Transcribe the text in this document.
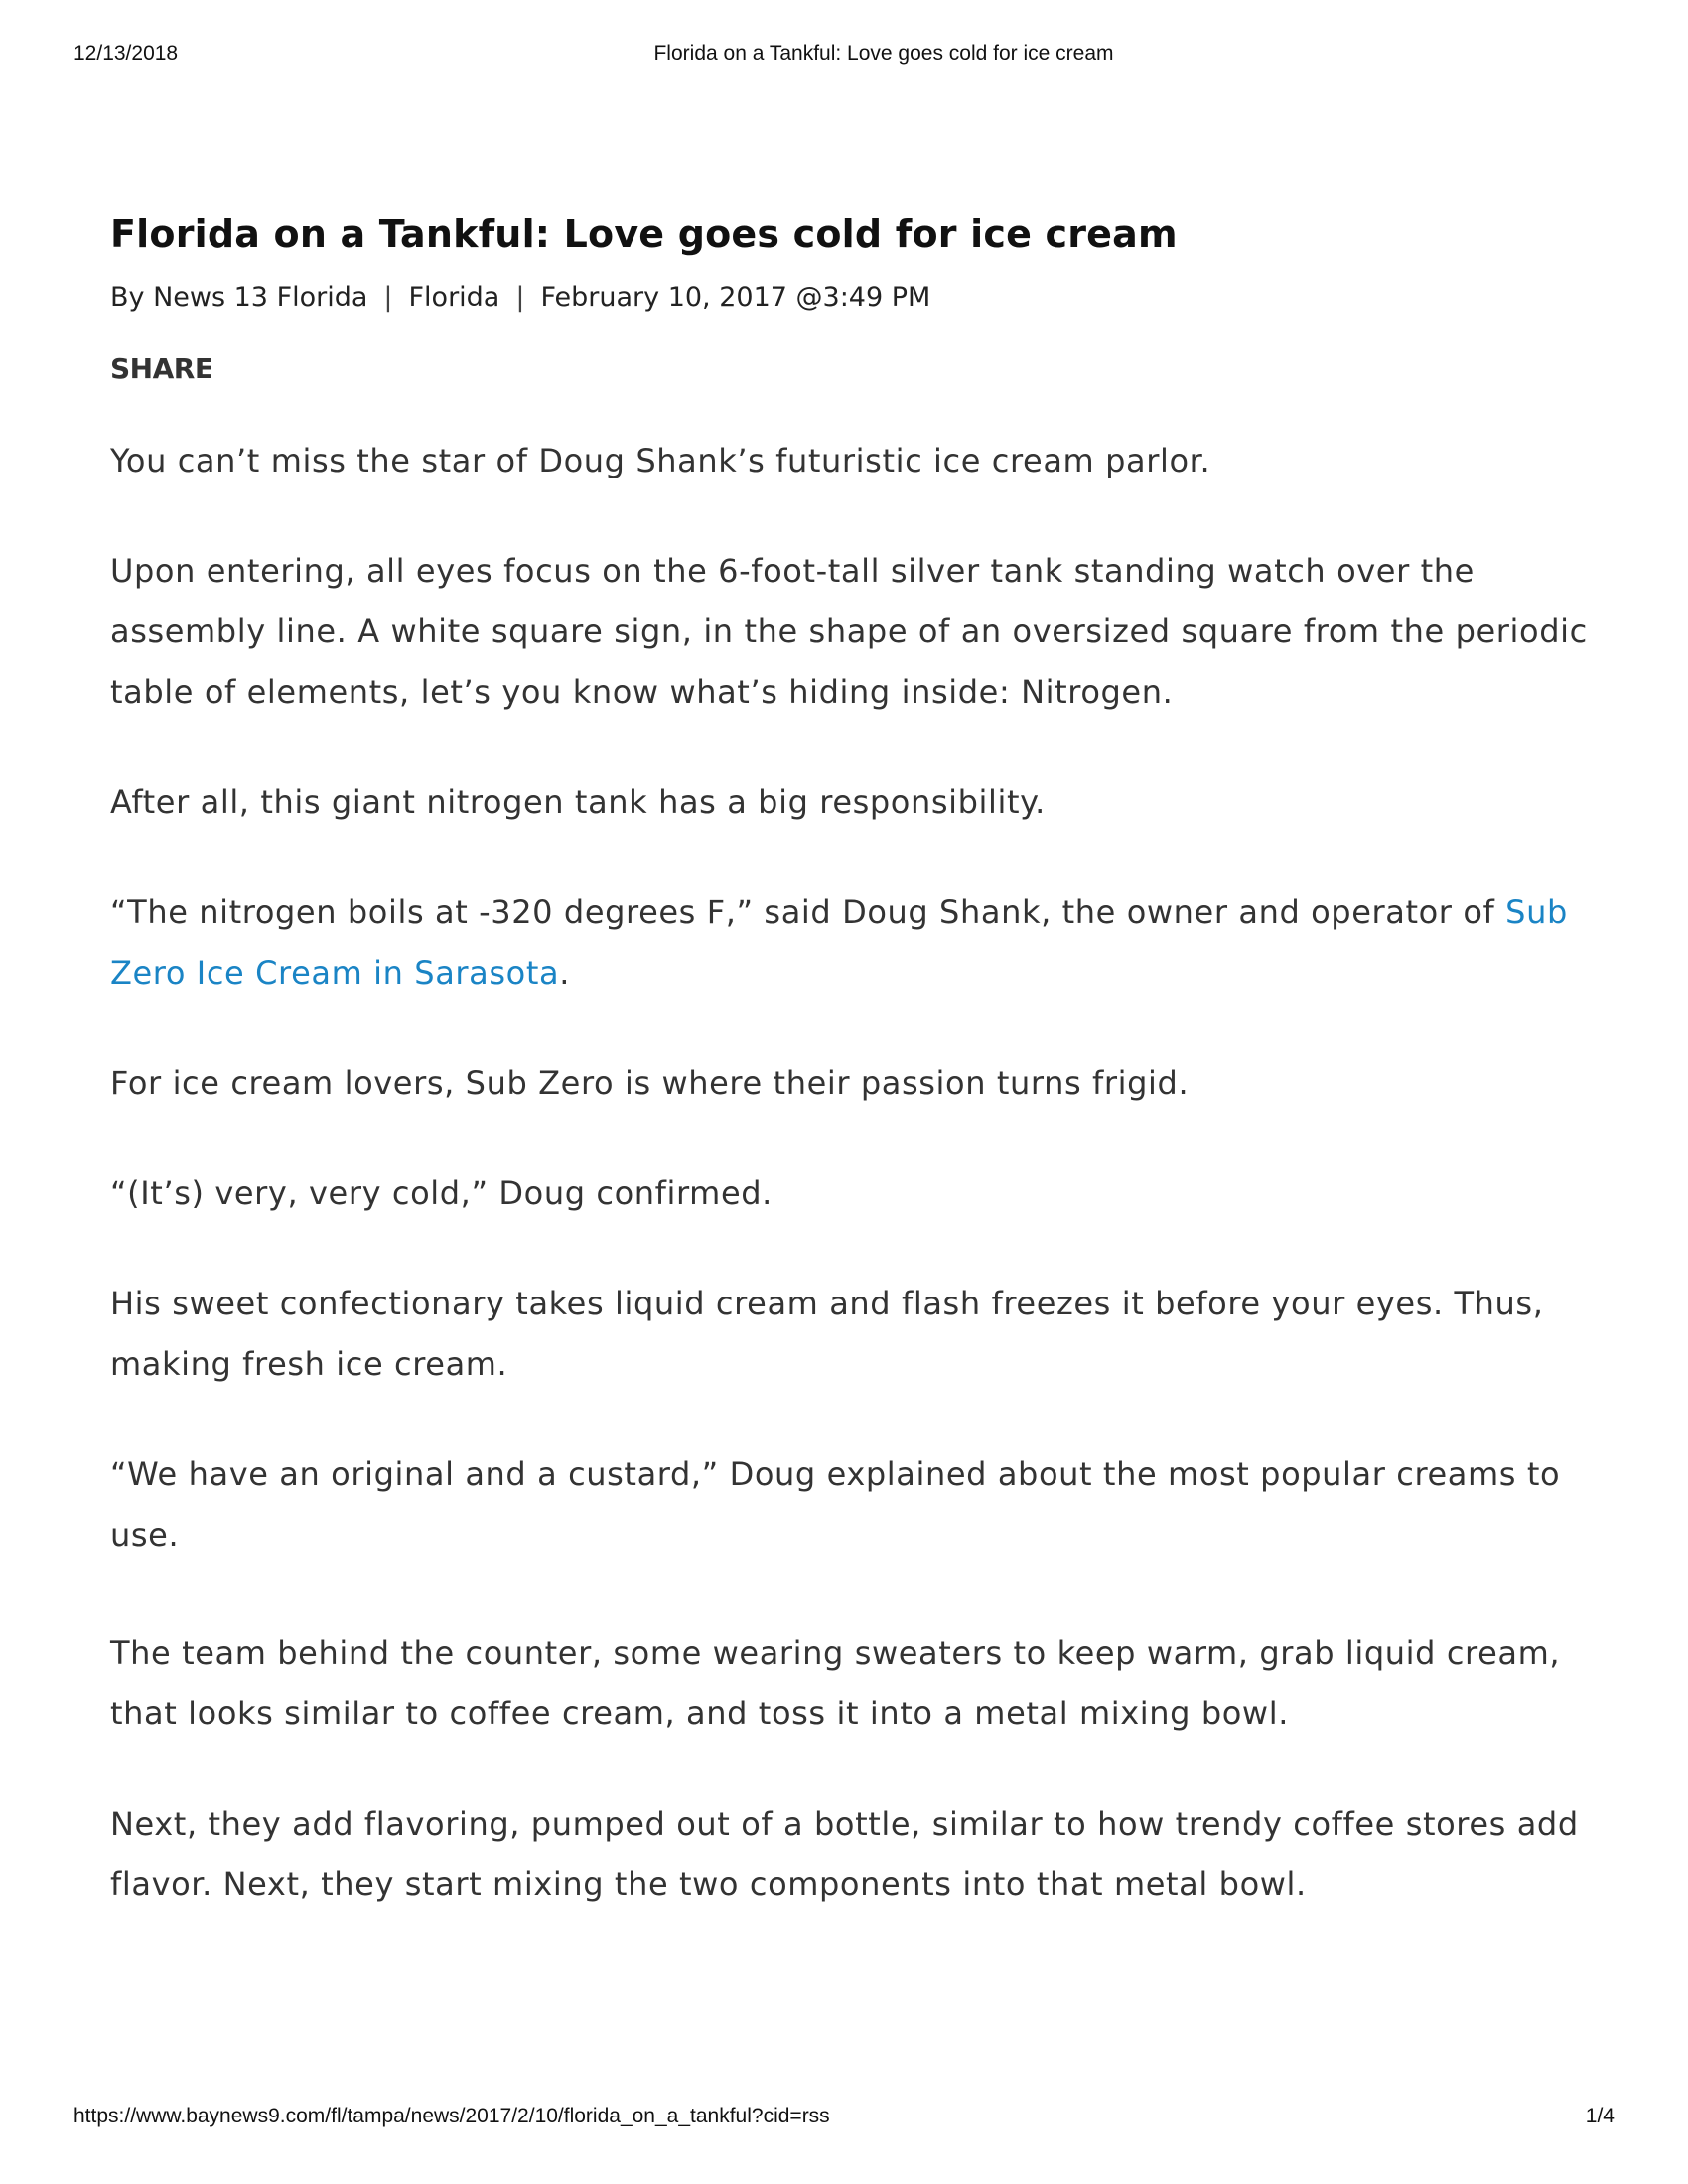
12/13/2018	Florida on a Tankful: Love goes cold for ice cream
Florida on a Tankful: Love goes cold for ice cream
By News 13 Florida | Florida | February 10, 2017 @3:49 PM
SHARE

You can’t miss the star of Doug Shank’s futuristic ice cream parlor.

Upon entering, all eyes focus on the 6-foot-tall silver tank standing watch over the assembly line. A white square sign, in the shape of an oversized square from the periodic table of elements, let’s you know what’s hiding inside: Nitrogen.

After all, this giant nitrogen tank has a big responsibility.

“The nitrogen boils at -320 degrees F,” said Doug Shank, the owner and operator of Sub Zero Ice Cream in Sarasota.

For ice cream lovers, Sub Zero is where their passion turns frigid.

“(It’s) very, very cold,” Doug confirmed.

His sweet confectionary takes liquid cream and flash freezes it before your eyes. Thus, making fresh ice cream.

“We have an original and a custard,” Doug explained about the most popular creams to use.

The team behind the counter, some wearing sweaters to keep warm, grab liquid cream, that looks similar to coffee cream, and toss it into a metal mixing bowl.

Next, they add flavoring, pumped out of a bottle, similar to how trendy coffee stores add flavor. Next, they start mixing the two components into that metal bowl.

https://www.baynews9.com/fl/tampa/news/2017/2/10/florida_on_a_tankful?cid=rss	1/4
